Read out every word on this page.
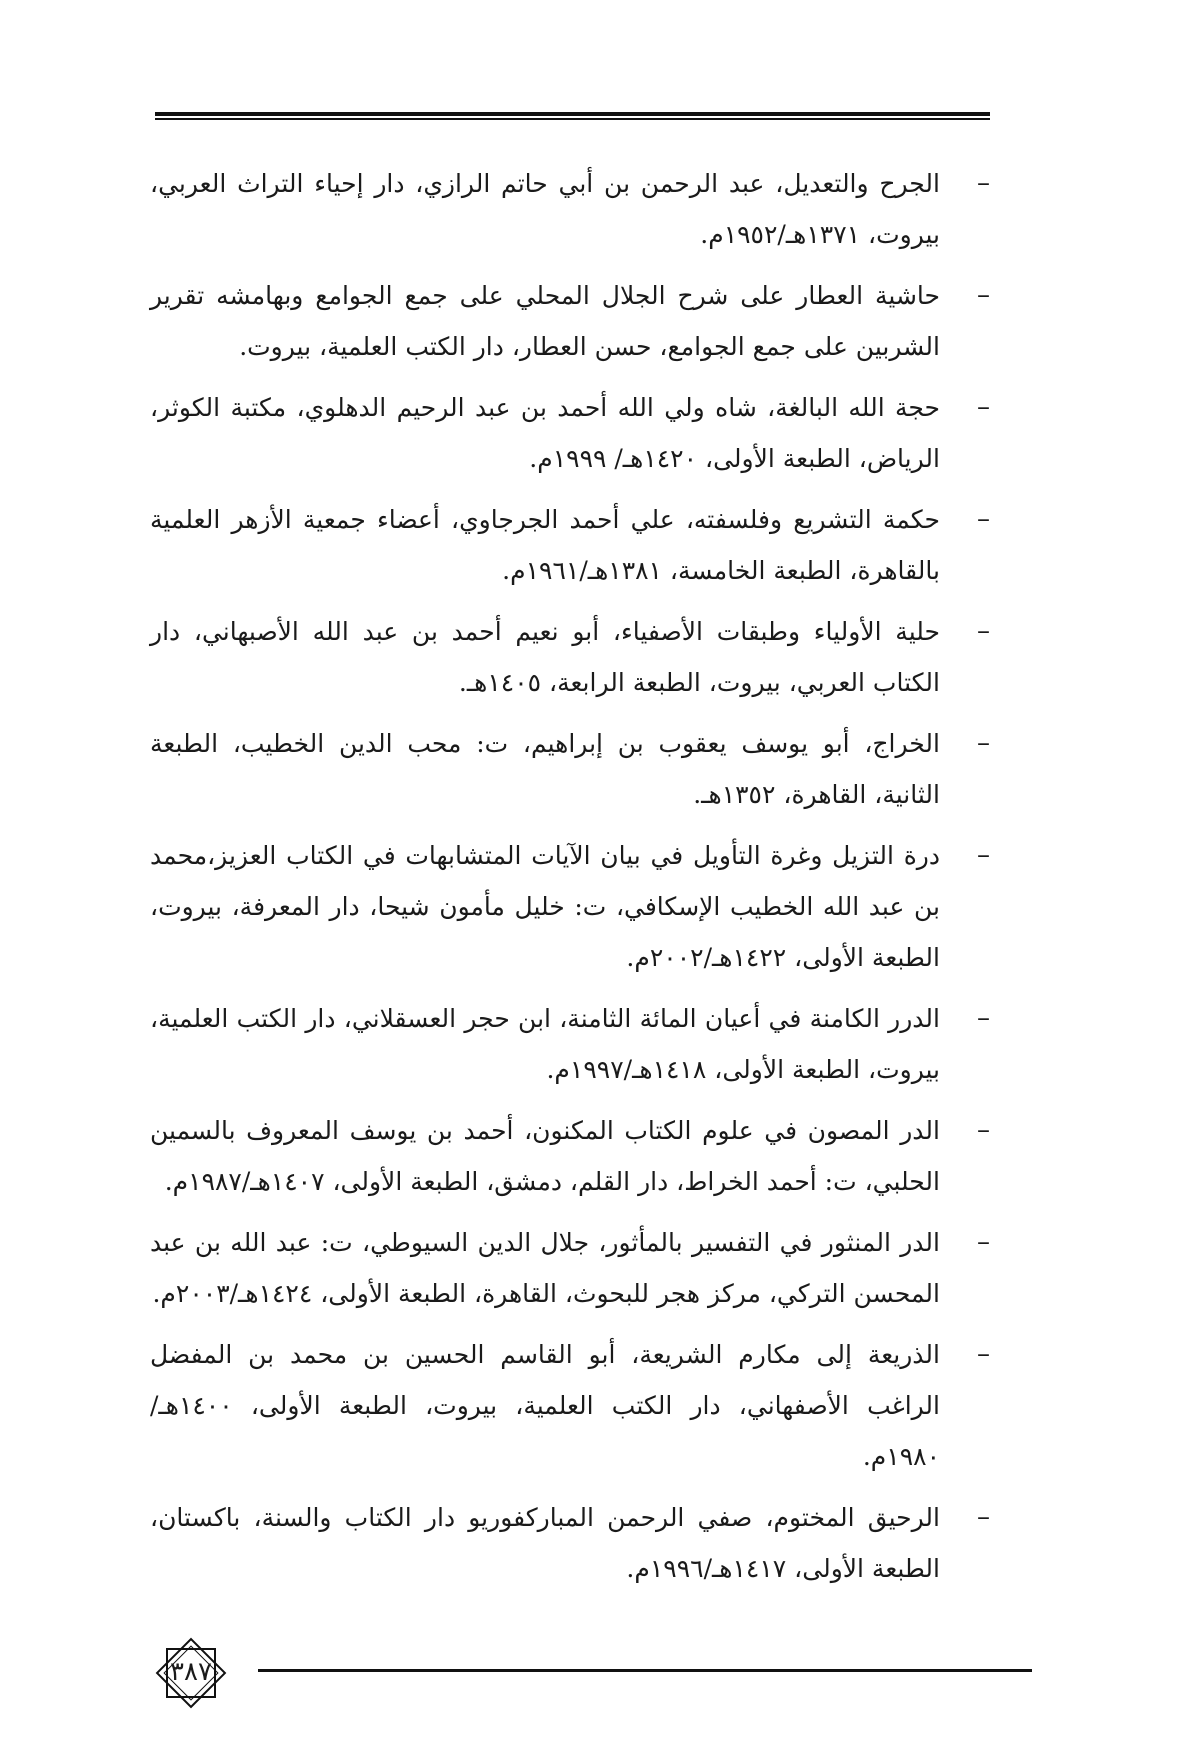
–
الجرح والتعديل، عبد الرحمن بن أبي حاتم الرازي، دار إحياء التراث العربي، بيروت، ١٣٧١هـ/١٩٥٢م.
–
حاشية العطار على شرح الجلال المحلي على جمع الجوامع وبهامشه تقرير الشربين على جمع الجوامع، حسن العطار، دار الكتب العلمية، بيروت.
–
حجة الله البالغة، شاه ولي الله أحمد بن عبد الرحيم الدهلوي، مكتبة الكوثر، الرياض، الطبعة الأولى، ١٤٢٠هـ/ ١٩٩٩م.
–
حكمة التشريع وفلسفته، علي أحمد الجرجاوي، أعضاء جمعية الأزهر العلمية بالقاهرة، الطبعة الخامسة، ١٣٨١هـ/١٩٦١م.
–
حلية الأولياء وطبقات الأصفياء، أبو نعيم أحمد بن عبد الله الأصبهاني، دار الكتاب العربي، بيروت، الطبعة الرابعة، ١٤٠٥هـ.
–
الخراج، أبو يوسف يعقوب بن إبراهيم، ت: محب الدين الخطيب، الطبعة الثانية، القاهرة، ١٣٥٢هـ.
–
درة التزيل وغرة التأويل في بيان الآيات المتشابهات في الكتاب العزيز،محمد بن عبد الله الخطيب الإسكافي، ت: خليل مأمون شيحا، دار المعرفة، بيروت، الطبعة الأولى، ١٤٢٢هـ/٢٠٠٢م.
–
الدرر الكامنة في أعيان المائة الثامنة، ابن حجر العسقلاني، دار الكتب العلمية، بيروت، الطبعة الأولى، ١٤١٨هـ/١٩٩٧م.
–
الدر المصون في علوم الكتاب المكنون، أحمد بن يوسف المعروف بالسمين الحلبي، ت: أحمد الخراط، دار القلم، دمشق، الطبعة الأولى، ١٤٠٧هـ/١٩٨٧م.
–
الدر المنثور في التفسير بالمأثور، جلال الدين السيوطي، ت: عبد الله بن عبد المحسن التركي، مركز هجر للبحوث، القاهرة، الطبعة الأولى، ١٤٢٤هـ/٢٠٠٣م.
–
الذريعة إلى مكارم الشريعة، أبو القاسم الحسين بن محمد بن المفضل الراغب الأصفهاني، دار الكتب العلمية، بيروت، الطبعة الأولى، ١٤٠٠هـ/ ١٩٨٠م.
–
الرحيق المختوم، صفي الرحمن المباركفوريو دار الكتاب والسنة، باكستان، الطبعة الأولى، ١٤١٧هـ/١٩٩٦م.
٣٨٧
